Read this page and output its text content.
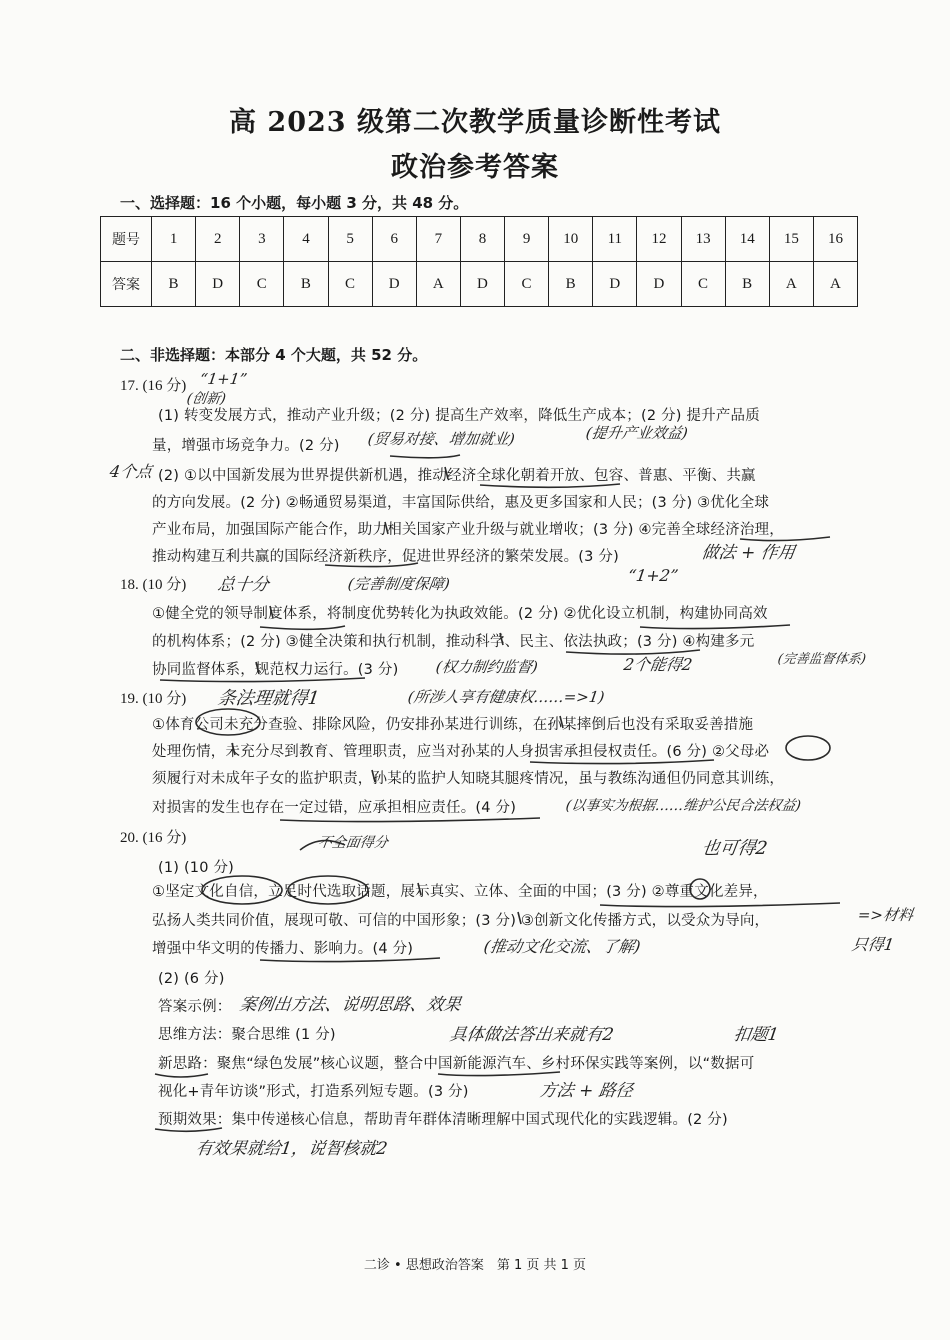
高 2023 级第二次教学质量诊断性考试
政治参考答案
一、选择题：16 个小题，每小题 3 分，共 48 分。
题号	1	2	3	4	5	6	7	8	9	10	11	12	13	14	15	16
答案	B	D	C	B	C	D	A	D	C	B	D	D	C	B	A	A
二、非选择题：本部分 4 个大题，共 52 分。
17. (16 分)
(1) 转变发展方式，推动产业升级；(2 分) 提高生产效率，降低生产成本；(2 分) 提升产品质
量，增强市场竞争力。(2 分)
(2) ①以中国新发展为世界提供新机遇，推动经济全球化朝着开放、包容、普惠、平衡、共赢
的方向发展。(2 分) ②畅通贸易渠道，丰富国际供给，惠及更多国家和人民；(3 分) ③优化全球
产业布局，加强国际产能合作，助力相关国家产业升级与就业增收；(3 分) ④完善全球经济治理，
推动构建互利共赢的国际经济新秩序，促进世界经济的繁荣发展。(3 分)
18. (10 分)
①健全党的领导制度体系，将制度优势转化为执政效能。(2 分) ②优化设立机制，构建协同高效
的机构体系；(2 分) ③健全决策和执行机制，推动科学、民主、依法执政；(3 分) ④构建多元
协同监督体系，规范权力运行。(3 分)
19. (10 分)
①体育公司未充分查验、排除风险，仍安排孙某进行训练，在孙某摔倒后也没有采取妥善措施
处理伤情，未充分尽到教育、管理职责，应当对孙某的人身损害承担侵权责任。(6 分) ②父母必
须履行对未成年子女的监护职责，孙某的监护人知晓其腿疼情况，虽与教练沟通但仍同意其训练，
对损害的发生也存在一定过错，应承担相应责任。(4 分)
20. (16 分)
(1) (10 分)
①坚定文化自信，立足时代选取话题，展示真实、立体、全面的中国；(3 分) ②尊重文化差异，
弘扬人类共同价值，展现可敬、可信的中国形象；(3 分) ③创新文化传播方式，以受众为导向，
增强中华文明的传播力、影响力。(4 分)
(2) (6 分)
答案示例：
思维方法：聚合思维 (1 分)
新思路：聚焦“绿色发展”核心议题，整合中国新能源汽车、乡村环保实践等案例，以“数据可
视化+青年访谈”形式，打造系列短专题。(3 分)
预期效果：集中传递核心信息，帮助青年群体清晰理解中国式现代化的实践逻辑。(2 分)
二诊 • 思想政治答案　第 1 页 共 1 页
“1+1”
(创新)
(贸易对接、增加就业)	(提升产业效益)
4个点
做法 + 作用
总十分	(完善制度保障)	“1+2”
(权力制约监督)	2个能得2	(完善监督体系)
条法理就得1	(所涉人享有健康权……=>1)
(以事实为根据……维护公民合法权益)
也可得2
不全面得分
=>材料
只得1
(推动文化交流、了解)
案例出方法、说明思路、效果
具体做法答出来就有2	扣题1
方法 + 路径
有效果就给1，说智核就2
